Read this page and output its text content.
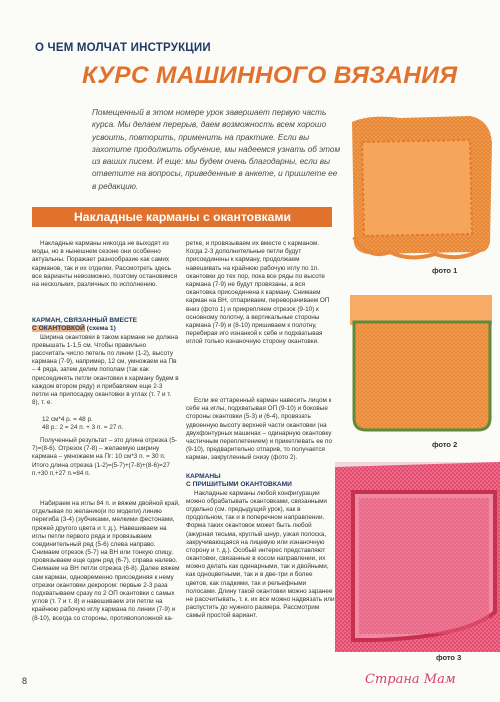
О ЧЕМ МОЛЧАТ ИНСТРУКЦИИ
КУРС МАШИННОГО ВЯЗАНИЯ
Помещенный в этом номере урок завершает первую часть курса. Мы делаем перерыв, даем возможность всем хорошо усвоить, повторить, применить на практике. Если вы захотите продолжить обучение, мы надеемся узнать об этом из ваших писем. И еще: мы будем очень благодарны, если вы ответите на вопросы, приведенные в анкете, и пришлете ее в редакцию.
Накладные карманы с окантовками

Накладные карманы никогда не выходят из моды, но в нынешнем сезоне они особенно актуальны. Поражает разнообразие как самих карманов, так и их отделки. Рассмотреть здесь все варианты невозможно, поэтому остановимся на нескольких, различных по исполнению.

КАРМАН, СВЯЗАННЫЙ ВМЕСТЕ

С ОКАНТОВКОЙ (схема 1)

Ширина окантовки в таком кармане не должна превышать 1-1,5 см. Чтобы правильно рассчитать число петель по линии (1-2), высоту кармана (7-9), например, 12 см, умножаем на Пв – 4 ряда, затем делим пополам (так как присоединять петли окантовки к карману будем в каждом втором ряду) и прибавляем еще 2-3 петли на припосадку окантовки в углах (т. 7 и т. 8), т. е.

12 см*4 р. = 48 р.

48 р.: 2 = 24 п. + 3 п. = 27 п.

Полученный результат – это длина отрезка (5-7)=(8-6). Отрезок (7-8) – желаемую ширину кармана – умножаем на Пг: 10 см*3 п. = 30 п. Итого длина отрезка (1-2)=(5-7)+(7-8)+(8-6)=27 п.+30 п.+27 п.=84 п.

Набираем на иглы 84 п. и вяжем двойной край, отделывая по желанию(и по модели) линию перегиба (3-4) (зубчиками, мелкими фестонами, пряжей другого цвета и т. д.). Навешиваем на иглы петли первого ряда и провязываем соединительный ряд (5-6) слева направо. Снимаем отрезок (5-7) на ВН или тонкую спицу, провязываем еще один ряд (6-7), справа налево. Снимаем на ВН петли отрезка (6-8). Далее вяжем сам карман, одновременно присоединяя к нему отрезки окантовки декрором: первые 2-3 раза подхватываем сразу по 2 ОП окантовки с самых углов (т. 7 и т. 8) и навешиваем эти петли на крайнюю рабочую иглу кармана по линии (7-9) и (8-10), всегда со стороны, противоположной ка-

ретке, и провязываем их вместе с карманом. Когда 2-3 дополнительные петли будут присоединены к карману, продолжаем навешивать на крайнюю рабочую иглу по 1п. окантовки до тех пор, пока все ряды по высоте кармана (7-9) не будут провязаны, а вся окантовка присоединена к карману. Снимаем карман на ВН, отпариваем, переворачиваем ОП вниз (фото 1) и прикрепляем отрезок (9-10) к основному полотну, а вертикальные стороны кармана (7-9) и (8-10) пришиваем к полотну, перебирая иго изнанкой к себе и подхватывая иглой только изнаночную сторону окантовки.

Если же оттаренный карман навесить лицом к себе на иглы, подхватывая ОП (9-10) и боковые стороны окантовки (5-3) и (6-4), провязать удвоенную высоту верхней части окантовки (на двухфонтурных машинах – одинарную окантовку частичным переплетением) и прикетлевать ее по (9-10), предварительно отпарив, то получается карман, закругленный снизу (фото 2).

КАРМАНЫ

С ПРИШИТЫМИ ОКАНТОВКАМИ

Накладные карманы любой конфигурации можно обрабатывать окантовками, связанными отдельно (см. предыдущий урок), как в продольном, так и в поперечном направлении. Форма таких окантовок может быть любой (ажурная тесьма, круглый шнур, узкая полоска, закручивающаяся на лицевую или изнаночную сторону и т. д.). Особый интерес представляют окантовки, связанные в косом направлении, их можно делать как одинарными, так и двойными, как одноцветными, так и в две-три и более цветов, как гладкими, так и рельефными полосами. Длину такой окантовки можно заранее не рассчитывать, т. к. их все можно надвязать или распустить до нужного размера. Рассмотрим самый простой вариант.

фото 1
фото 2
фото 3
8	Страна Мам
